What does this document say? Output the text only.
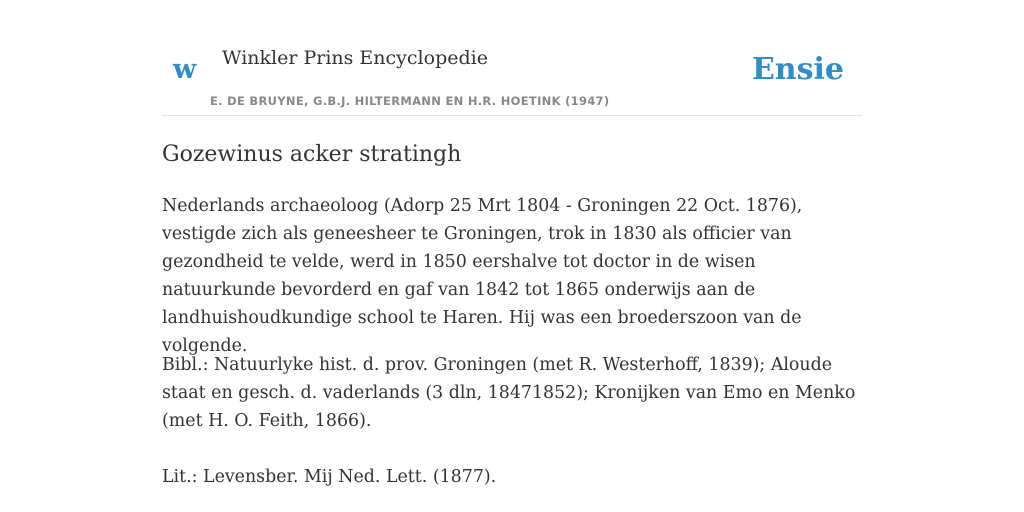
w Winkler Prins Encyclopedie
E. DE BRUYNE, G.B.J. HILTERMANN EN H.R. HOETINK (1947)
Ensie
Gozewinus acker stratingh

Nederlands archaeoloog (Adorp 25 Mrt 1804 - Groningen 22 Oct. 1876), vestigde zich als geneesheer te Groningen, trok in 1830 als officier van gezondheid te velde, werd in 1850 eershalve tot doctor in de wisen natuurkunde bevorderd en gaf van 1842 tot 1865 onderwijs aan de landhuishoudkundige school te Haren. Hij was een broederszoon van de volgende.

Bibl.: Natuurlyke hist. d. prov. Groningen (met R. Westerhoff, 1839); Aloude staat en gesch. d. vaderlands (3 dln, 18471852); Kronijken van Emo en Menko (met H. O. Feith, 1866).

Lit.: Levensber. Mij Ned. Lett. (1877).
